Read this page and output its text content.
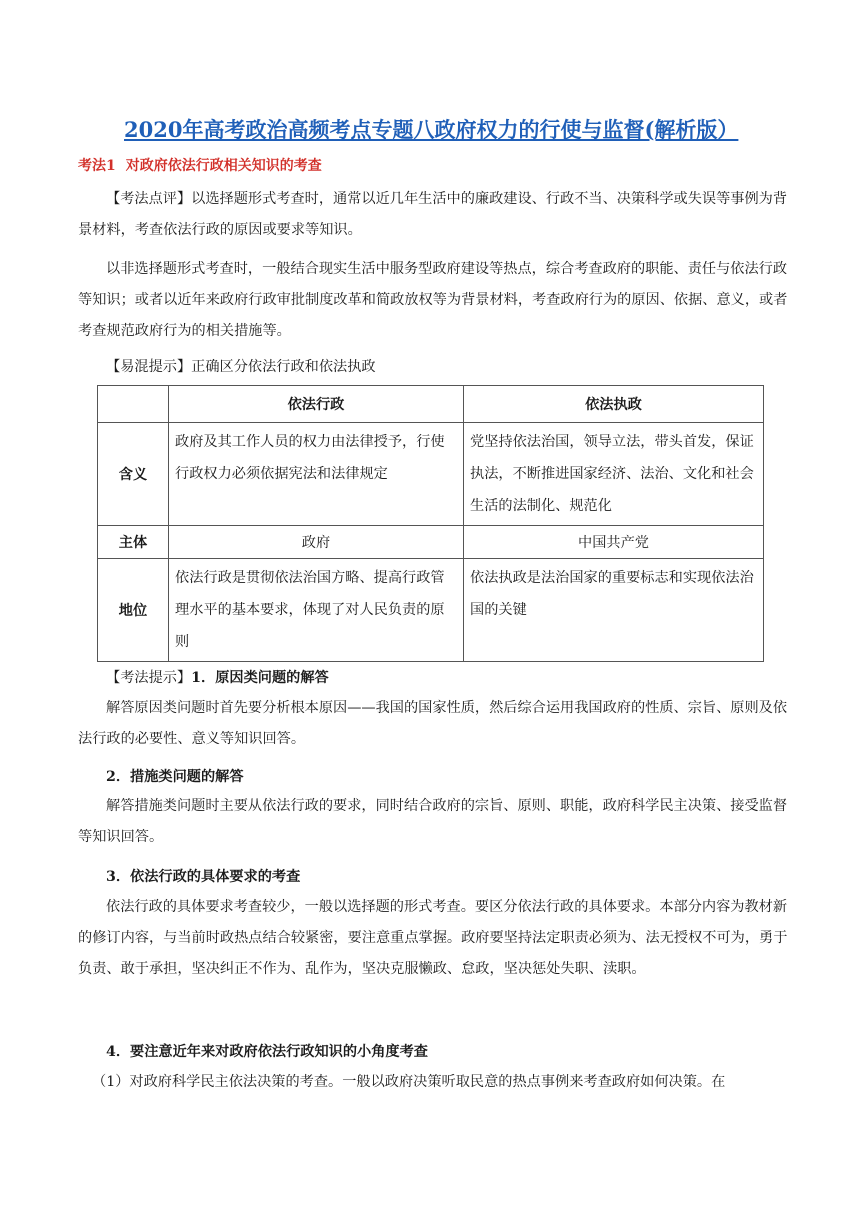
2020年高考政治高频考点专题八政府权力的行使与监督(解析版）
考法1 对政府依法行政相关知识的考查

【考法点评】以选择题形式考查时，通常以近几年生活中的廉政建设、行政不当、决策科学或失误等事例为背景材料，考查依法行政的原因或要求等知识。

以非选择题形式考查时，一般结合现实生活中服务型政府建设等热点，综合考查政府的职能、责任与依法行政等知识；或者以近年来政府行政审批制度改革和简政放权等为背景材料，考查政府行为的原因、依据、意义，或者考查规范政府行为的相关措施等。

【易混提示】正确区分依法行政和依法执政
	依法行政	依法执政
含义	政府及其工作人员的权力由法律授予，行使行政权力必须依据宪法和法律规定	党坚持依法治国，领导立法，带头首发，保证执法，不断推进国家经济、法治、文化和社会生活的法制化、规范化
主体	政府	中国共产党
地位	依法行政是贯彻依法治国方略、提高行政管理水平的基本要求，体现了对人民负责的原则	依法执政是法治国家的重要标志和实现依法治国的关键
【考法提示】1．原因类问题的解答

解答原因类问题时首先要分析根本原因——我国的国家性质，然后综合运用我国政府的性质、宗旨、原则及依法行政的必要性、意义等知识回答。

2．措施类问题的解答

解答措施类问题时主要从依法行政的要求，同时结合政府的宗旨、原则、职能，政府科学民主决策、接受监督等知识回答。

3．依法行政的具体要求的考查

依法行政的具体要求考查较少，一般以选择题的形式考查。要区分依法行政的具体要求。本部分内容为教材新的修订内容，与当前时政热点结合较紧密，要注意重点掌握。政府要坚持法定职责必须为、法无授权不可为，勇于负责、敢于承担，坚决纠正不作为、乱作为，坚决克服懒政、怠政，坚决惩处失职、渎职。

4．要注意近年来对政府依法行政知识的小角度考查

（1）对政府科学民主依法决策的考查。一般以政府决策听取民意的热点事例来考查政府如何决策。在
